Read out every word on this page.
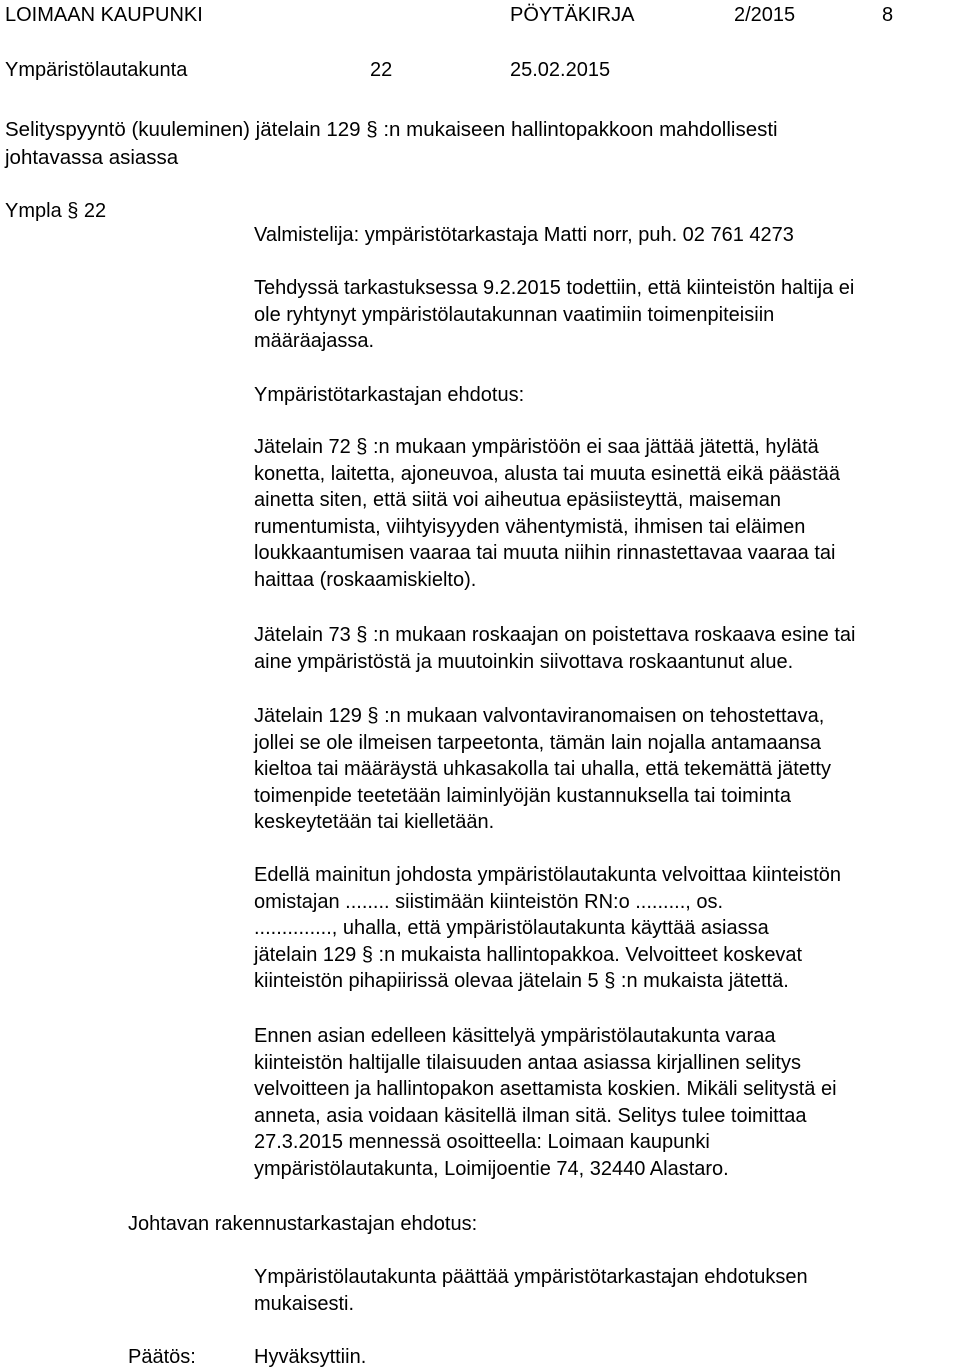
LOIMAAN KAUPUNKI	PÖYTÄKIRJA	2/2015	8
Ympäristölautakunta	22	25.02.2015
Selityspyyntö (kuuleminen) jätelain 129 § :n mukaiseen hallintopakkoon mahdollisesti
johtavassa asiassa
Ympla § 22
Valmistelija: ympäristötarkastaja Matti norr, puh. 02 761 4273
Tehdyssä tarkastuksessa 9.2.2015 todettiin, että kiinteistön haltija ei
ole ryhtynyt ympäristölautakunnan vaatimiin toimenpiteisiin
määräajassa.
Ympäristötarkastajan ehdotus:
Jätelain 72 § :n mukaan ympäristöön ei saa jättää jätettä, hylätä
konetta, laitetta, ajoneuvoa, alusta tai muuta esinettä eikä päästää
ainetta siten, että siitä voi aiheutua epäsiisteyttä, maiseman
rumentumista, viihtyisyyden vähentymistä, ihmisen tai eläimen
loukkaantumisen vaaraa tai muuta niihin rinnastettavaa vaaraa tai
haittaa (roskaamiskielto).
Jätelain 73 § :n mukaan roskaajan on poistettava roskaava esine tai
aine ympäristöstä ja muutoinkin siivottava roskaantunut alue.
Jätelain 129 § :n mukaan valvontaviranomaisen on tehostettava,
jollei se ole ilmeisen tarpeetonta, tämän lain nojalla antamaansa
kieltoa tai määräystä uhkasakolla tai uhalla, että tekemättä jätetty
toimenpide teetetään laiminlyöjän kustannuksella tai toiminta
keskeytetään tai kielletään.
Edellä mainitun johdosta ympäristölautakunta velvoittaa kiinteistön
omistajan ........ siistimään kiinteistön RN:o ........., os.
.............., uhalla, että ympäristölautakunta käyttää asiassa
jätelain 129 § :n mukaista hallintopakkoa. Velvoitteet koskevat
kiinteistön pihapiirissä olevaa jätelain 5 § :n mukaista jätettä.
Ennen asian edelleen käsittelyä ympäristölautakunta varaa
kiinteistön haltijalle tilaisuuden antaa asiassa kirjallinen selitys
velvoitteen ja hallintopakon asettamista koskien. Mikäli selitystä ei
anneta, asia voidaan käsitellä ilman sitä. Selitys tulee toimittaa
27.3.2015 mennessä osoitteella: Loimaan kaupunki
ympäristölautakunta, Loimijoentie 74, 32440 Alastaro.
Johtavan rakennustarkastajan ehdotus:
Ympäristölautakunta päättää ympäristötarkastajan ehdotuksen
mukaisesti.
Päätös:	Hyväksyttiin.
